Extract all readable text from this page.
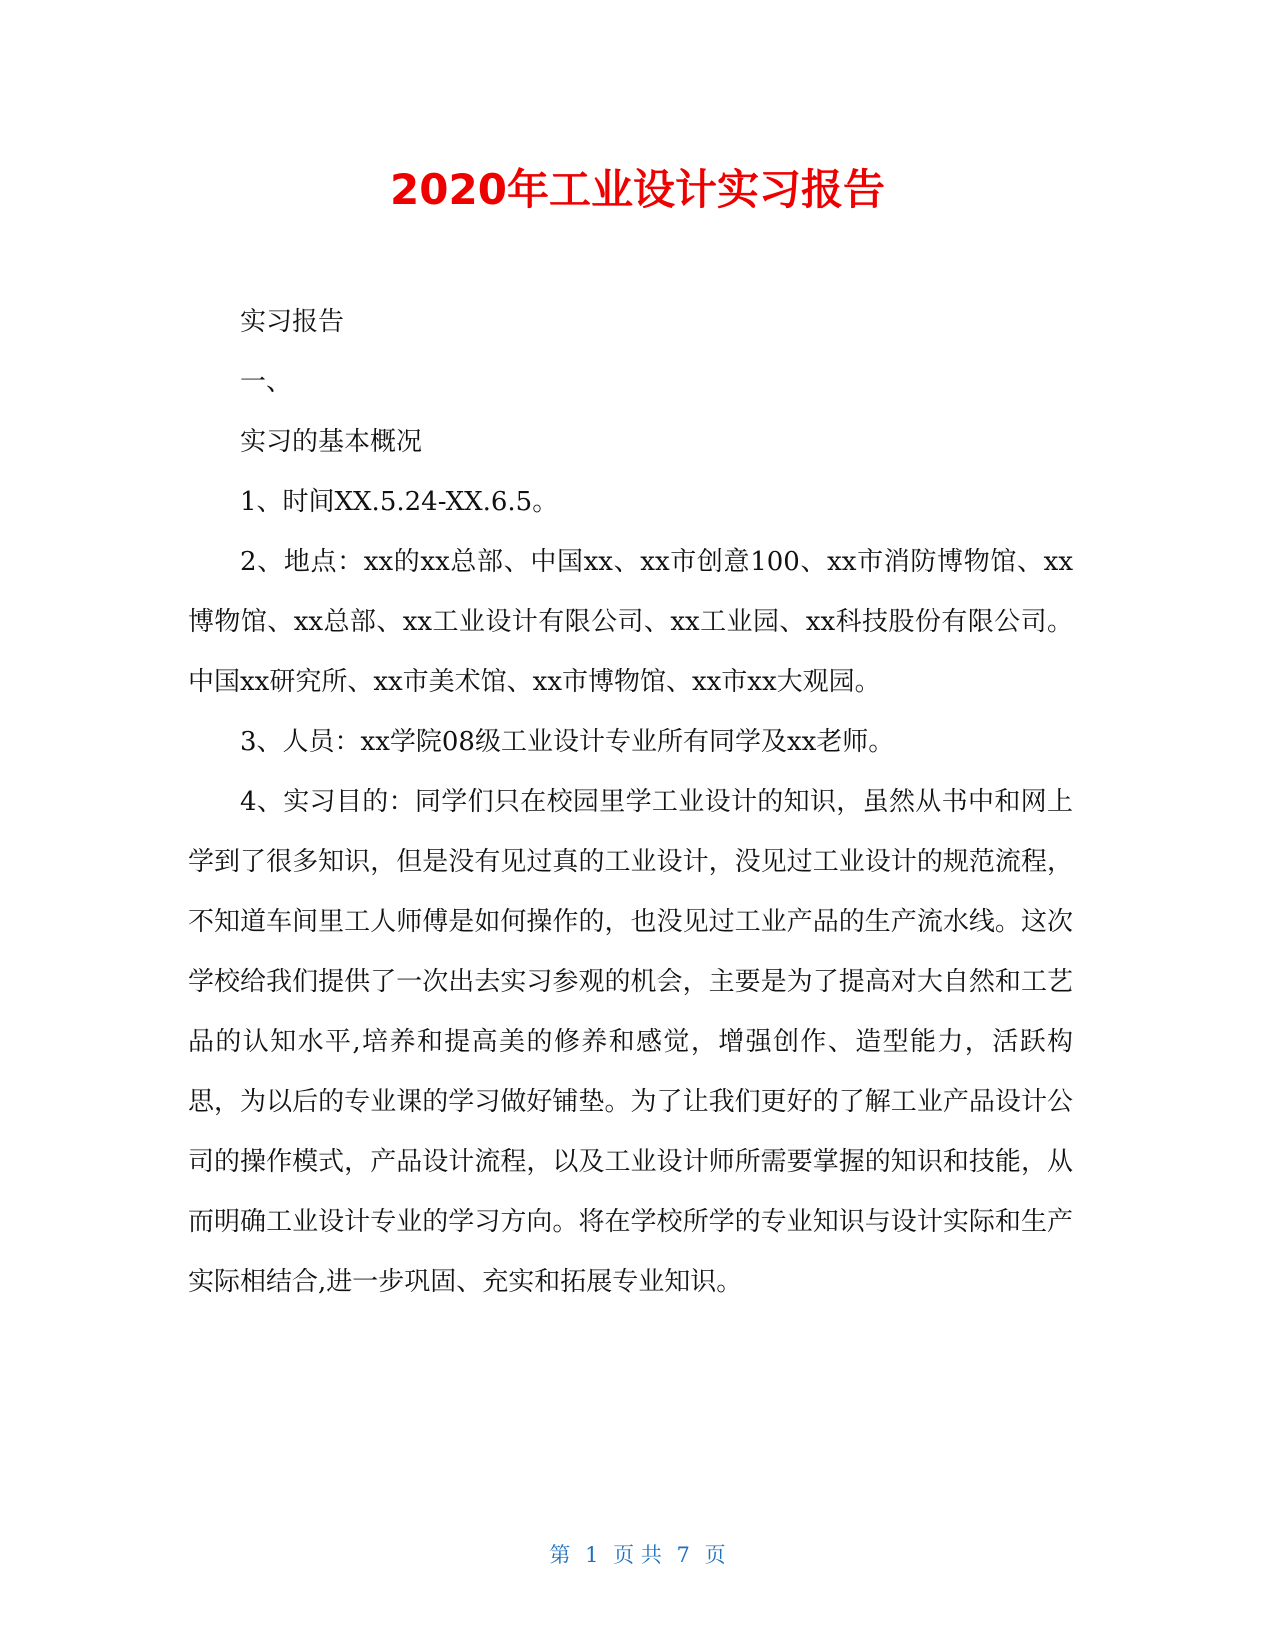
2020年工业设计实习报告

实习报告

一、

实习的基本概况

1、时间XX.5.24-XX.6.5。

2、地点：xx的xx总部、中国xx、xx市创意100、xx市消防博物馆、xx博物馆、xx总部、xx工业设计有限公司、xx工业园、xx科技股份有限公司。中国xx研究所、xx市美术馆、xx市博物馆、xx市xx大观园。

3、人员：xx学院08级工业设计专业所有同学及xx老师。

4、实习目的：同学们只在校园里学工业设计的知识，虽然从书中和网上学到了很多知识，但是没有见过真的工业设计，没见过工业设计的规范流程，不知道车间里工人师傅是如何操作的，也没见过工业产品的生产流水线。这次学校给我们提供了一次出去实习参观的机会，主要是为了提高对大自然和工艺品的认知水平,培养和提高美的修养和感觉，增强创作、造型能力，活跃构思，为以后的专业课的学习做好铺垫。为了让我们更好的了解工业产品设计公司的操作模式，产品设计流程，以及工业设计师所需要掌握的知识和技能，从而明确工业设计专业的学习方向。将在学校所学的专业知识与设计实际和生产实际相结合,进一步巩固、充实和拓展专业知识。

第 1 页 共 7 页
